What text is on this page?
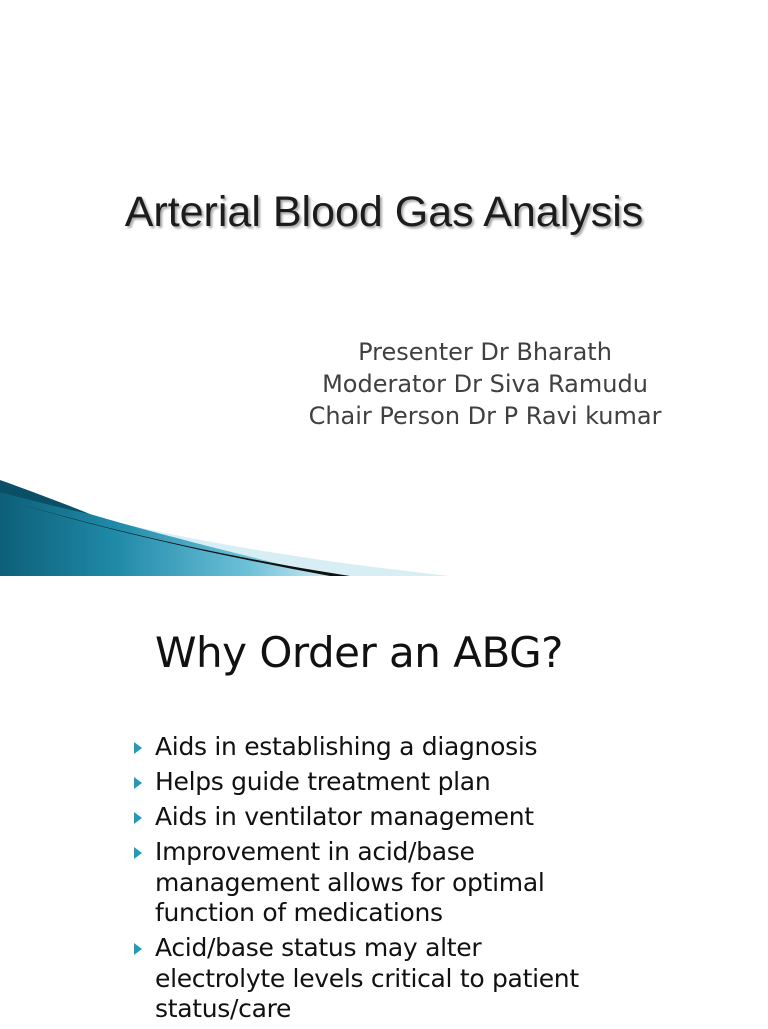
Arterial Blood Gas Analysis
Presenter Dr Bharath
Moderator Dr Siva Ramudu
Chair Person Dr P Ravi kumar
Why Order an ABG?
Aids in establishing a diagnosis
Helps guide treatment plan
Aids in ventilator management
Improvement in acid/base
management allows for optimal
function of medications
Acid/base status may alter
electrolyte levels critical to patient
status/care
